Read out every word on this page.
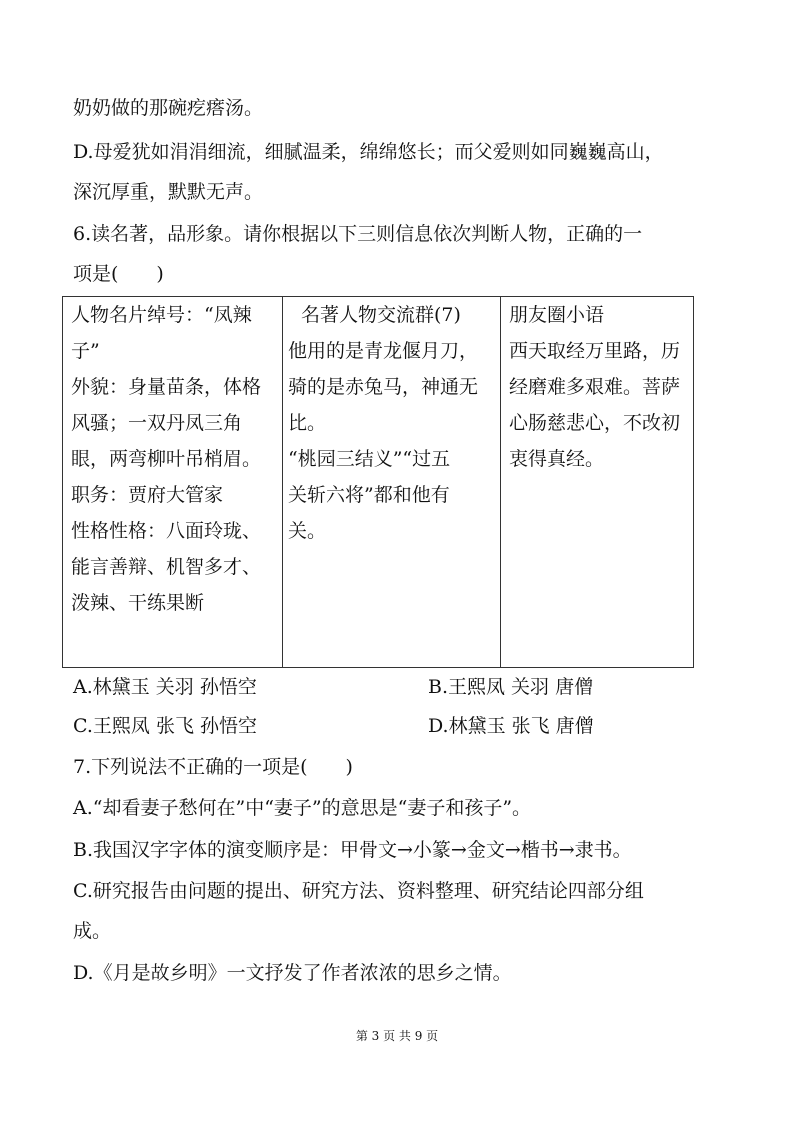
奶奶做的那碗疙瘩汤。
D.母爱犹如涓涓细流，细腻温柔，绵绵悠长；而父爱则如同巍巍高山，
深沉厚重，默默无声。
6.读名著，品形象。请你根据以下三则信息依次判断人物，正确的一
项是(　　)
人物名片绰号：“凤辣
子”
外貌：身量苗条，体格
风骚；一双丹凤三角
眼，两弯柳叶吊梢眉。
职务：贾府大管家
性格性格：八面玲珑、
能言善辩、机智多才、
泼辣、干练果断
名著人物交流群(7)
他用的是青龙偃月刀，
骑的是赤兔马，神通无
比。
“桃园三结义”“过五
关斩六将”都和他有
关。
朋友圈小语
西天取经万里路，历
经磨难多艰难。菩萨
心肠慈悲心，不改初
衷得真经。
A.林黛玉 关羽 孙悟空	B.王熙凤 关羽 唐僧
C.王熙凤 张飞 孙悟空	D.林黛玉 张飞 唐僧
7.下列说法不正确的一项是(　　)
A.“却看妻子愁何在”中“妻子”的意思是“妻子和孩子”。
B.我国汉字字体的演变顺序是：甲骨文→小篆→金文→楷书→隶书。
C.研究报告由问题的提出、研究方法、资料整理、研究结论四部分组
成。
D.《月是故乡明》一文抒发了作者浓浓的思乡之情。
第 3 页 共 9 页
